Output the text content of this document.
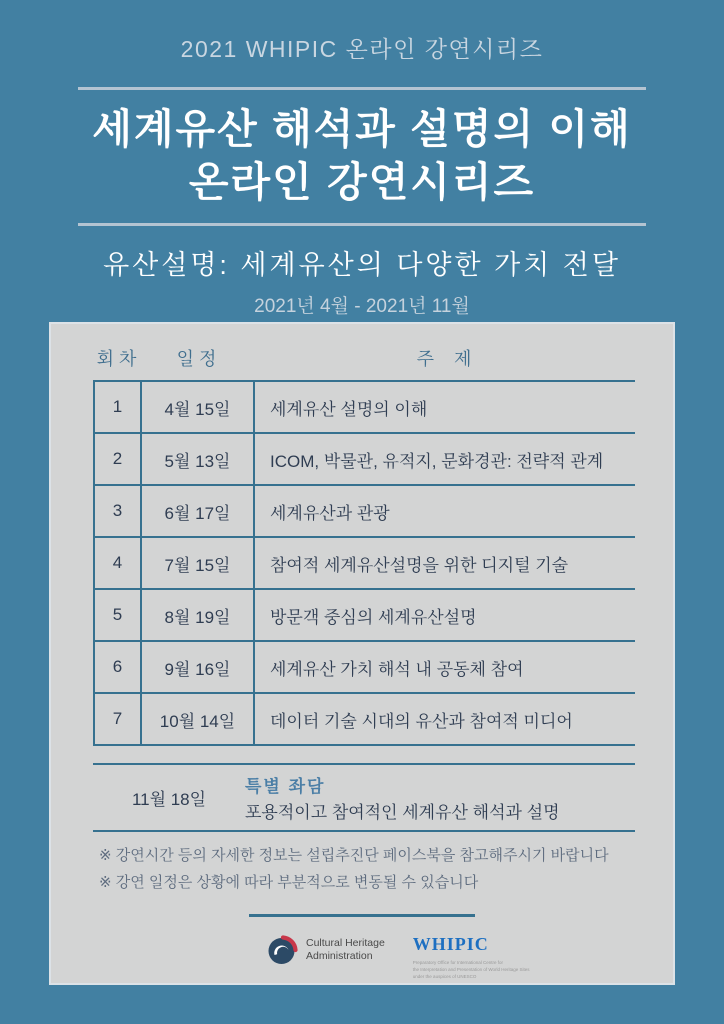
2021 WHIPIC 온라인 강연시리즈
세계유산 해석과 설명의 이해
온라인 강연시리즈
유산설명: 세계유산의 다양한 가치 전달
2021년 4월 - 2021년 11월
회 차	일 정	주    제
1	4월 15일	세계유산 설명의 이해
2	5월 13일	ICOM, 박물관, 유적지, 문화경관: 전략적 관계
3	6월 17일	세계유산과 관광
4	7월 15일	참여적 세계유산설명을 위한 디지털 기술
5	8월 19일	방문객 중심의 세계유산설명
6	9월 16일	세계유산 가치 해석 내 공동체 참여
7	10월 14일	데이터 기술 시대의 유산과 참여적 미디어
11월 18일
특별 좌담
포용적이고 참여적인 세계유산 해석과 설명
※ 강연시간 등의 자세한 정보는 설립추진단 페이스북을 참고해주시기 바랍니다
※ 강연 일정은 상황에 따라 부분적으로 변동될 수 있습니다
Cultural Heritage
Administration
WHIPIC
Preparatory Office for International Centre for
the Interpretation and Presentation of World Heritage Sites
under the auspices of UNESCO
